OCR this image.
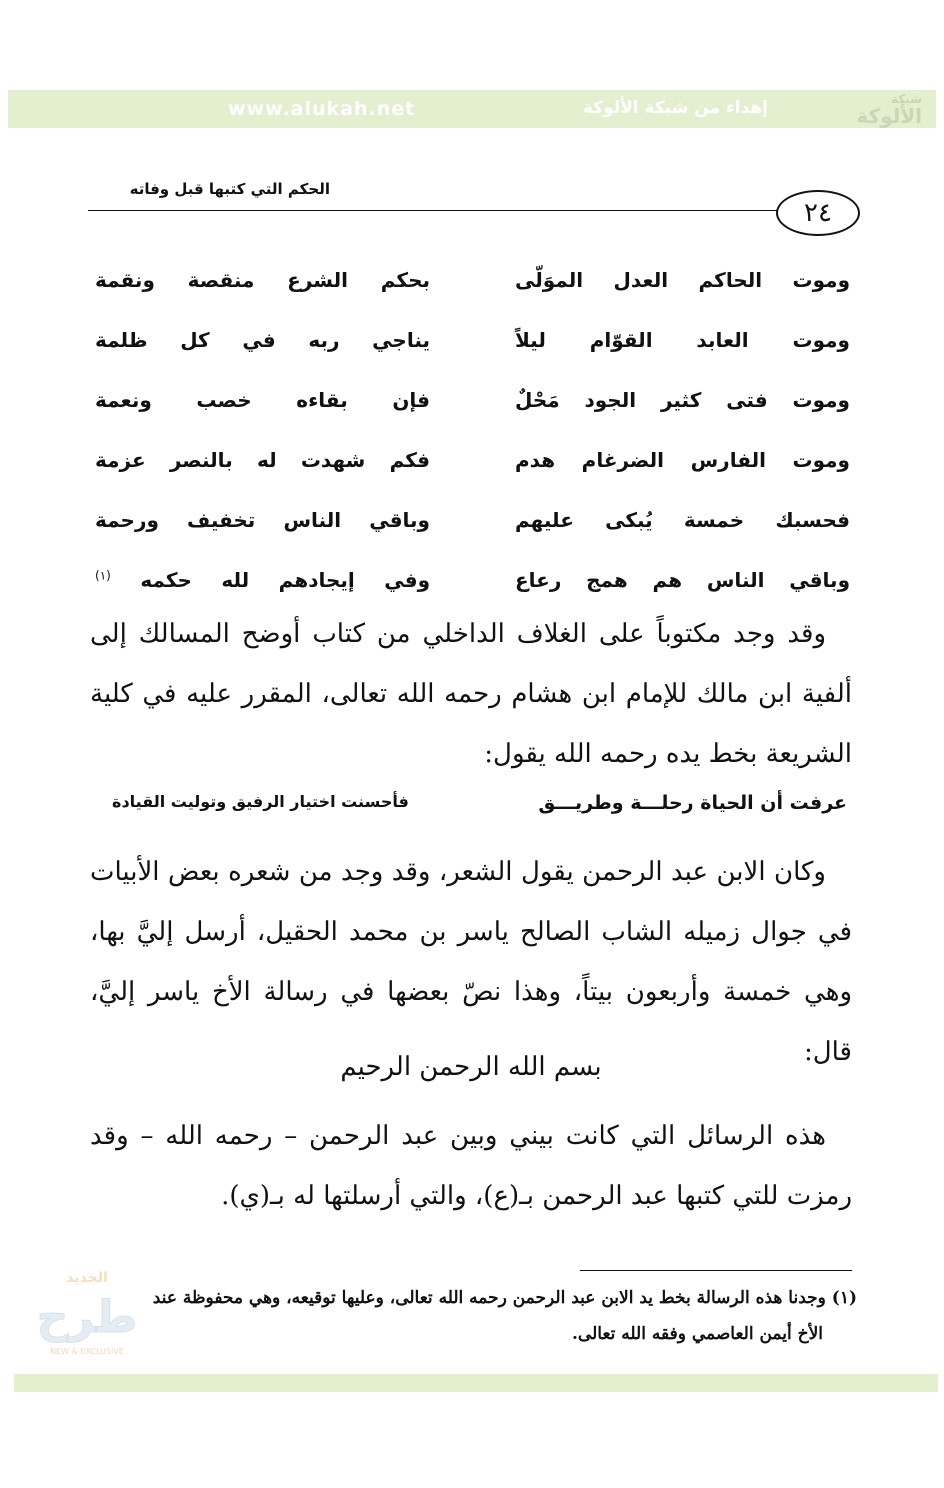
شبكة
الألوكة
إهداء من شبكة الألوكة
www.alukah.net
الحكم التي كتبها قبل وفاته
٢٤
وموت الحاكم العدل الموَلّى
بحكم الشرع منقصة ونقمة
وموت العابد القوّام ليلاً
يناجي ربه في كل ظلمة
وموت فتى كثير الجود مَحْلٌ
فإن بقاءه خصب ونعمة
وموت الفارس الضرغام هدم
فكم شهدت له بالنصر عزمة
فحسبك خمسة يُبكى عليهم
وباقي الناس تخفيف ورحمة
وباقي الناس هم همج رعاع
وفي إيجادهم لله حكمه $^{(١)}$
وقد وجد مكتوباً على الغلاف الداخلي من كتاب أوضح المسالك إلى ألفية ابن مالك للإمام ابن هشام رحمه الله تعالى، المقرر عليه في كلية الشريعة بخط يده رحمه الله يقول:
عرفت أن الحياة رحلـــة وطريـــق
فأحسنت اختيار الرفيق وتوليت القيادة
وكان الابن عبد الرحمن يقول الشعر، وقد وجد من شعره بعض الأبيات في جوال زميله الشاب الصالح ياسر بن محمد الحقيل، أرسل إليَّ بها، وهي خمسة وأربعون بيتاً، وهذا نصّ بعضها في رسالة الأخ ياسر إليَّ، قال:
بسم الله الرحمن الرحيم
هذه الرسائل التي كانت بيني وبين عبد الرحمن – رحمه الله – وقد رمزت للتي كتبها عبد الرحمن بـ(ع)، والتي أرسلتها له بـ(ي).
(١) وجدنا هذه الرسالة بخط يد الابن عبد الرحمن رحمه الله تعالى، وعليها توقيعه، وهي محفوظة عند
الأخ أيمن العاصمي وفقه الله تعالى.
الجديد
طرح
NEW & EXCLUSIVE
